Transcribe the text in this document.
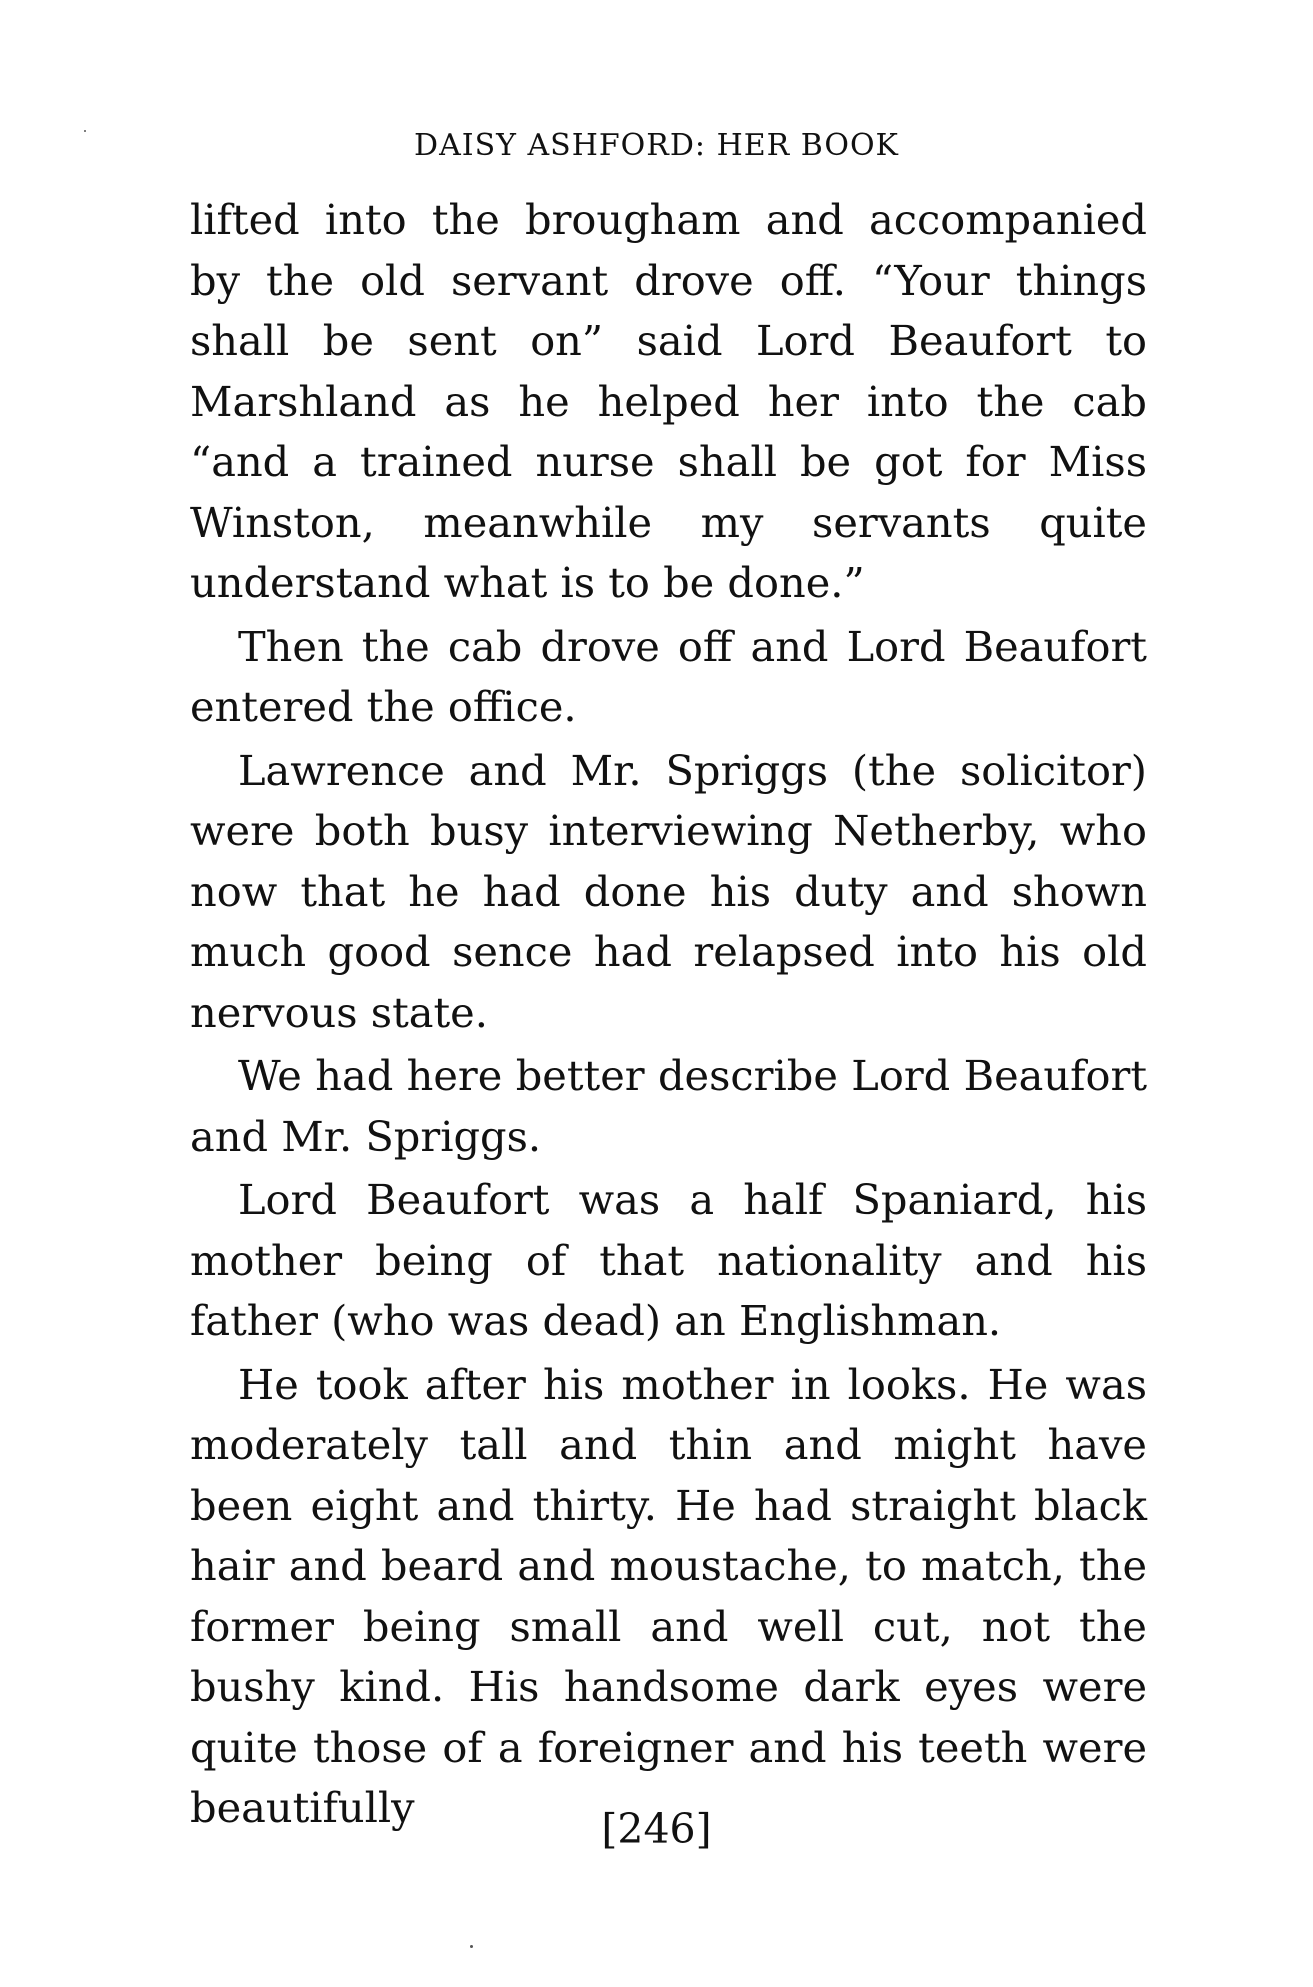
DAISY ASHFORD: HER BOOK

lifted into the brougham and accompanied by the old servant drove off. “Your things shall be sent on” said Lord Beaufort to Marshland as he helped her into the cab “and a trained nurse shall be got for Miss Winston, meanwhile my servants quite understand what is to be done.”

Then the cab drove off and Lord Beaufort entered the office.

Lawrence and Mr. Spriggs (the solicitor) were both busy interviewing Netherby, who now that he had done his duty and shown much good sence had relapsed into his old nervous state.

We had here better describe Lord Beaufort and Mr. Spriggs.

Lord Beaufort was a half Spaniard, his mother being of that nationality and his father (who was dead) an Englishman.

He took after his mother in looks. He was moderately tall and thin and might have been eight and thirty. He had straight black hair and beard and moustache, to match, the former being small and well cut, not the bushy kind. His handsome dark eyes were quite those of a foreigner and his teeth were beautifully	[246]
